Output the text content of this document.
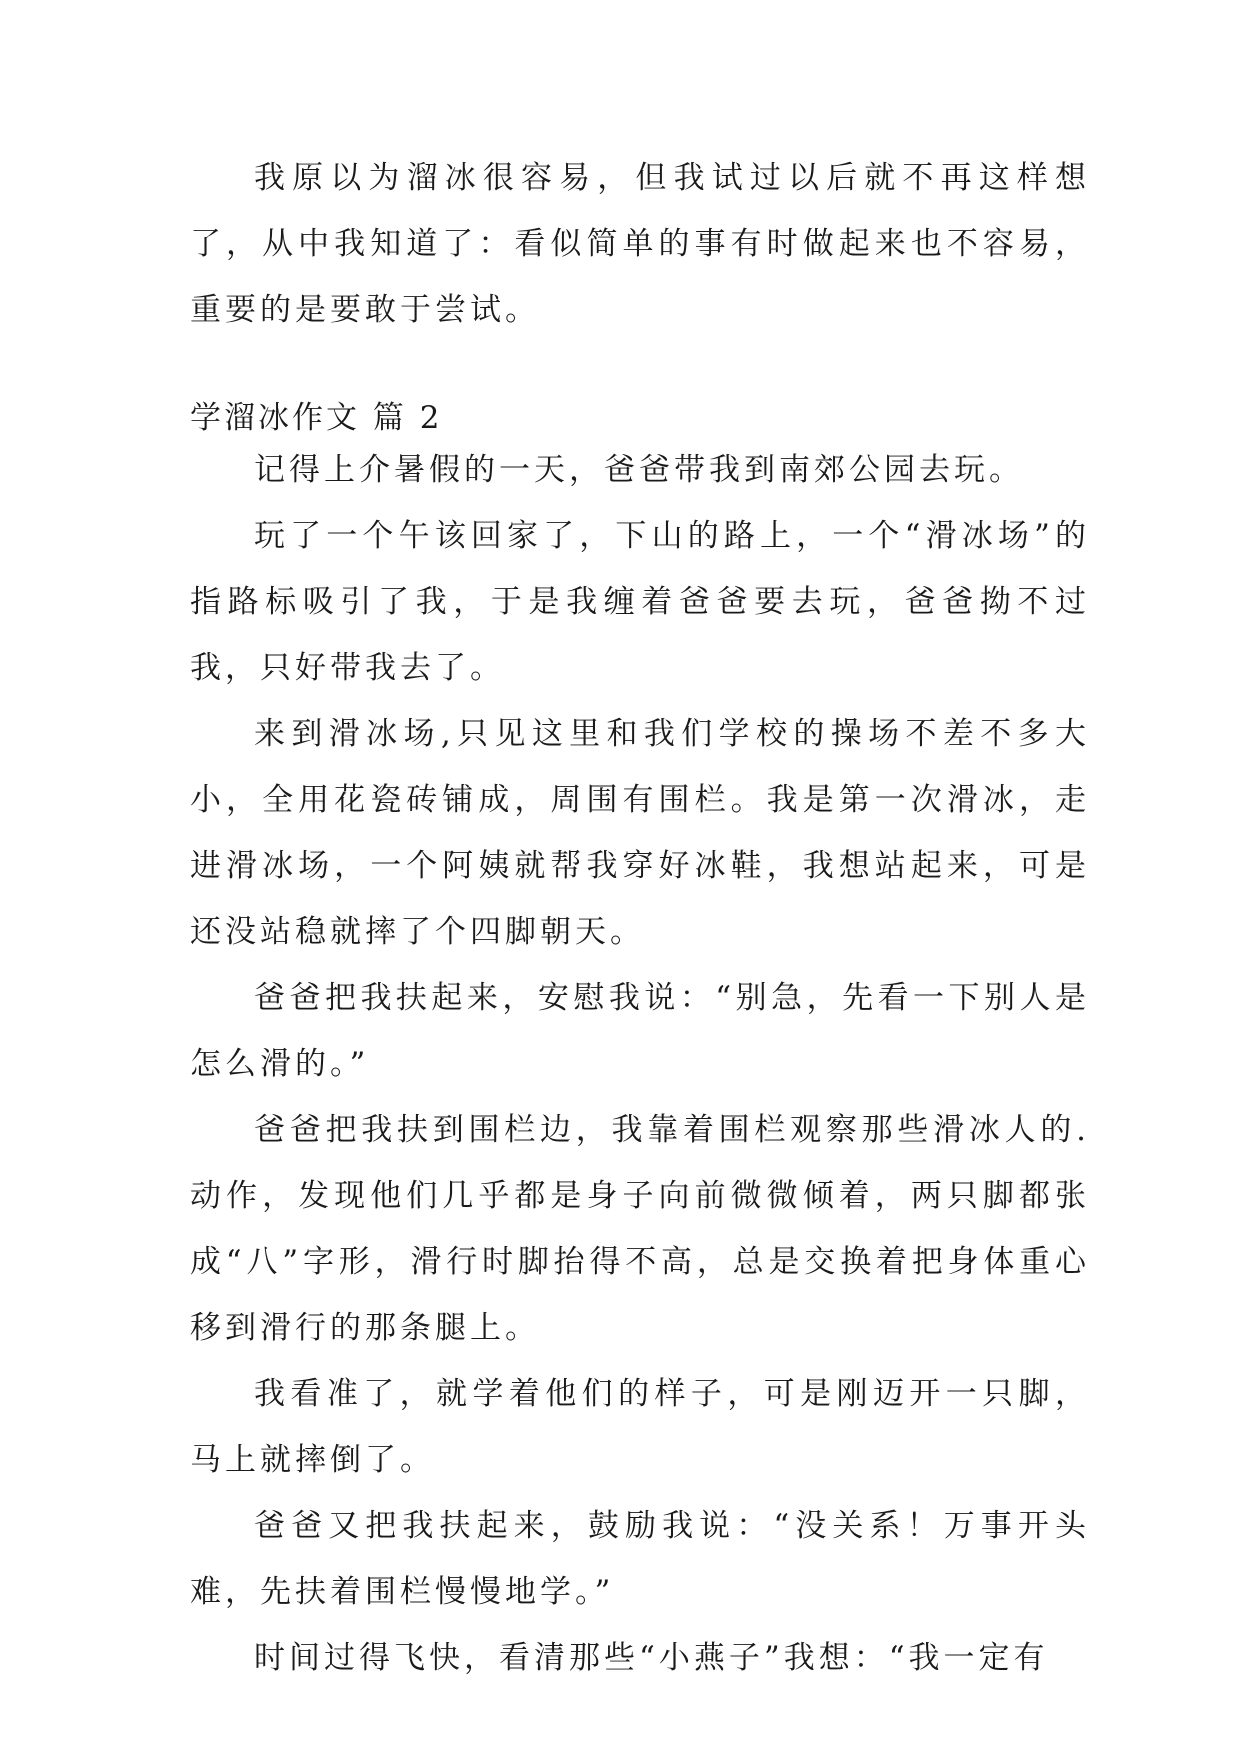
我原以为溜冰很容易，但我试过以后就不再这样想了，从中我知道了：看似简单的事有时做起来也不容易，重要的是要敢于尝试。

学溜冰作文 篇 2

记得上介暑假的一天，爸爸带我到南郊公园去玩。

玩了一个午该回家了，下山的路上，一个“滑冰场”的指路标吸引了我，于是我缠着爸爸要去玩，爸爸拗不过我，只好带我去了。

来到滑冰场,只见这里和我们学校的操场不差不多大小，全用花瓷砖铺成，周围有围栏。我是第一次滑冰，走进滑冰场，一个阿姨就帮我穿好冰鞋，我想站起来，可是还没站稳就摔了个四脚朝天。

爸爸把我扶起来，安慰我说：“别急，先看一下别人是怎么滑的。”

爸爸把我扶到围栏边，我靠着围栏观察那些滑冰人的.动作，发现他们几乎都是身子向前微微倾着，两只脚都张成“八”字形，滑行时脚抬得不高，总是交换着把身体重心移到滑行的那条腿上。

我看准了，就学着他们的样子，可是刚迈开一只脚，马上就摔倒了。

爸爸又把我扶起来，鼓励我说：“没关系！万事开头难，先扶着围栏慢慢地学。”

时间过得飞快，看清那些“小燕子”我想：“我一定有
